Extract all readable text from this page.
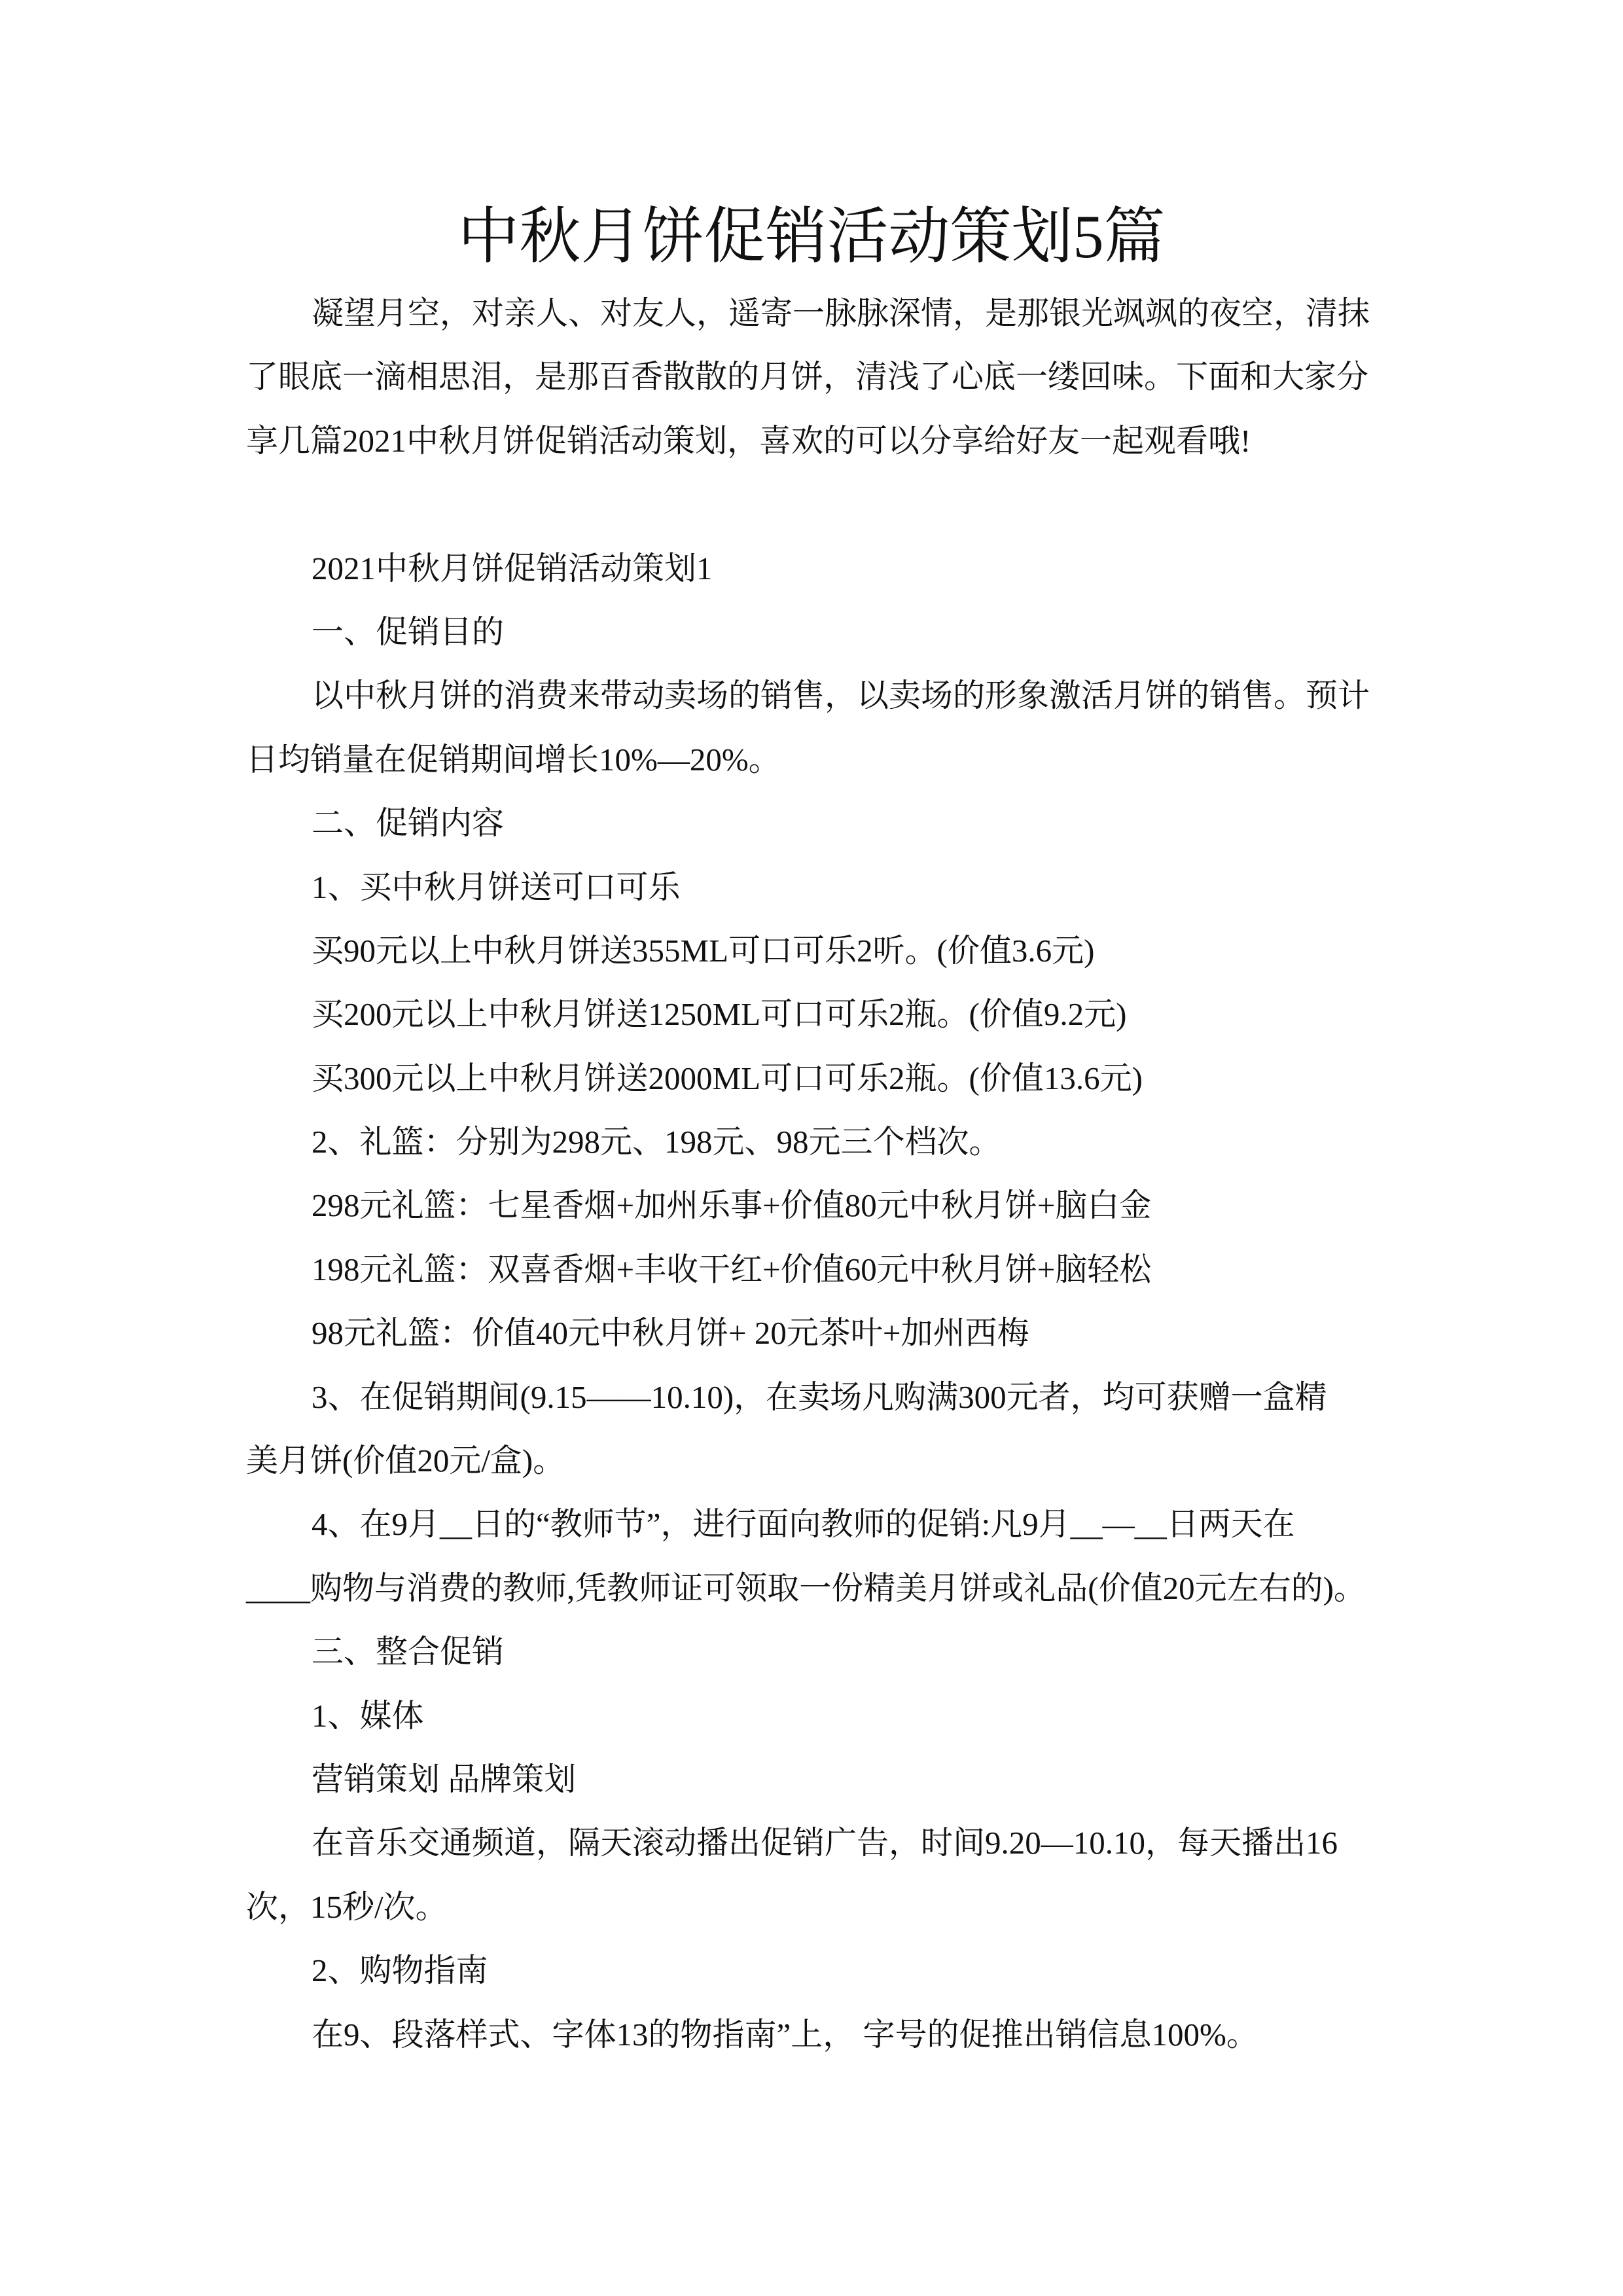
中秋月饼促销活动策划5篇
凝望月空，对亲人、对友人，遥寄一脉脉深情，是那银光飒飒的夜空，清抹
了眼底一滴相思泪，是那百香散散的月饼，清浅了心底一缕回味。下面和大家分
享几篇2021中秋月饼促销活动策划，喜欢的可以分享给好友一起观看哦!
2021中秋月饼促销活动策划1
一、促销目的
以中秋月饼的消费来带动卖场的销售，以卖场的形象激活月饼的销售。预计
日均销量在促销期间增长10%—20%。
二、促销内容
1、买中秋月饼送可口可乐
买90元以上中秋月饼送355ML可口可乐2听。(价值3.6元)
买200元以上中秋月饼送1250ML可口可乐2瓶。(价值9.2元)
买300元以上中秋月饼送2000ML可口可乐2瓶。(价值13.6元)
2、礼篮：分别为298元、198元、98元三个档次。
298元礼篮：七星香烟+加州乐事+价值80元中秋月饼+脑白金
198元礼篮：双喜香烟+丰收干红+价值60元中秋月饼+脑轻松
98元礼篮：价值40元中秋月饼+ 20元茶叶+加州西梅
3、在促销期间(9.15——10.10)，在卖场凡购满300元者，均可获赠一盒精
美月饼(价值20元/盒)。
4、在9月__日的“教师节”，进行面向教师的促销:凡9月__—__日两天在
____购物与消费的教师,凭教师证可领取一份精美月饼或礼品(价值20元左右的)。
三、整合促销
1、媒体
营销策划 品牌策划
在音乐交通频道，隔天滚动播出促销广告，时间9.20—10.10，每天播出16
次，15秒/次。
2、购物指南
在9、段落样式、字体13的物指南”上， 字号的促推出销信息100%。
